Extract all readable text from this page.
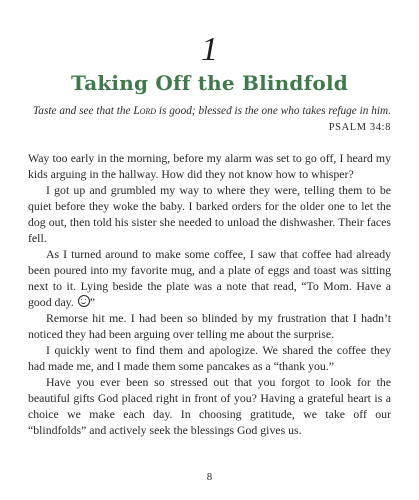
1
Taking Off the Blindfold
Taste and see that the Lord is good; blessed is the one who takes refuge in him.
PSALM 34:8

Way too early in the morning, before my alarm was set to go off, I heard my kids arguing in the hallway. How did they not know how to whisper?

I got up and grumbled my way to where they were, telling them to be quiet before they woke the baby. I barked orders for the older one to let the dog out, then told his sister she needed to unload the dishwasher. Their faces fell.

As I turned around to make some coffee, I saw that coffee had already been poured into my favorite mug, and a plate of eggs and toast was sitting next to it. Lying beside the plate was a note that read, “To Mom. Have a good day. ”

Remorse hit me. I had been so blinded by my frustration that I hadn’t noticed they had been arguing over telling me about the surprise.

I quickly went to find them and apologize. We shared the coffee they had made me, and I made them some pancakes as a “thank you.”

Have you ever been so stressed out that you forgot to look for the beautiful gifts God placed right in front of you? Having a grateful heart is a choice we make each day. In choosing gratitude, we take off our “blindfolds” and actively seek the blessings God gives us.

8
